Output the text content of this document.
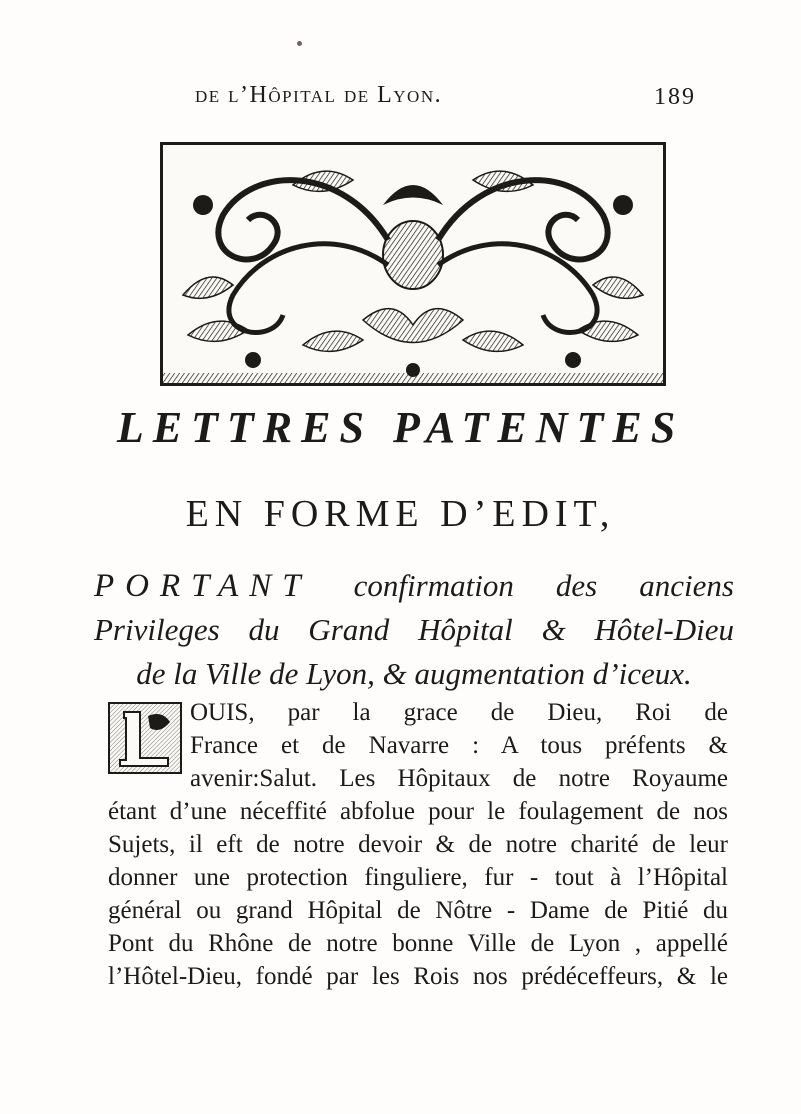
de l’Hôpital de Lyon.	189
LETTRES PATENTES
EN FORME D’EDIT,
PORTANT confirmation des anciens
Privileges du Grand Hôpital & Hôtel-Dieu
de la Ville de Lyon, & augmentation d’iceux.
OUIS, par la grace de Dieu, Roi de
France et de Navarre : A tous préfents &
avenir:Salut. Les Hôpitaux de notre Royaume
étant d’une néceffité abfolue pour le foulagement de nos
Sujets, il eft de notre devoir & de notre charité de leur
donner une protection finguliere, fur - tout à l’Hôpital
général ou grand Hôpital de Nôtre - Dame de Pitié du
Pont du Rhône de notre bonne Ville de Lyon , appellé
l’Hôtel-Dieu, fondé par les Rois nos prédéceffeurs, & le
